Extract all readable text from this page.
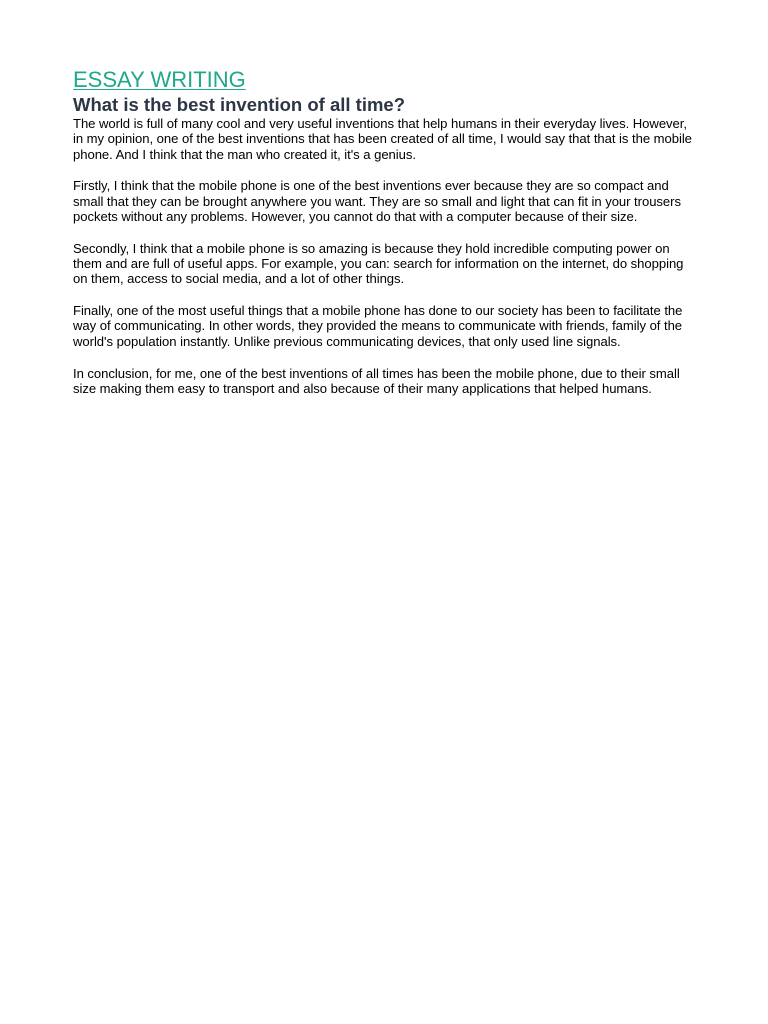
ESSAY WRITING
What is the best invention of all time?

The world is full of many cool and very useful inventions that help humans in their everyday lives. However, in my opinion, one of the best inventions that has been created of all time, I would say that that is the mobile phone. And I think that the man who created it, it's a genius.

Firstly, I think that the mobile phone is one of the best inventions ever because they are so compact and small that they can be brought anywhere you want. They are so small and light that can fit in your trousers pockets without any problems. However, you cannot do that with a computer because of their size.

Secondly, I think that a mobile phone is so amazing is because they hold incredible computing power on them and are full of useful apps. For example, you can: search for information on the internet, do shopping on them, access to social media, and a lot of other things.

Finally, one of the most useful things that a mobile phone has done to our society has been to facilitate the way of communicating. In other words, they provided the means to communicate with friends, family of the world's population instantly. Unlike previous communicating devices, that only used line signals.

In conclusion, for me, one of the best inventions of all times has been the mobile phone, due to their small size making them easy to transport and also because of their many applications that helped humans.
